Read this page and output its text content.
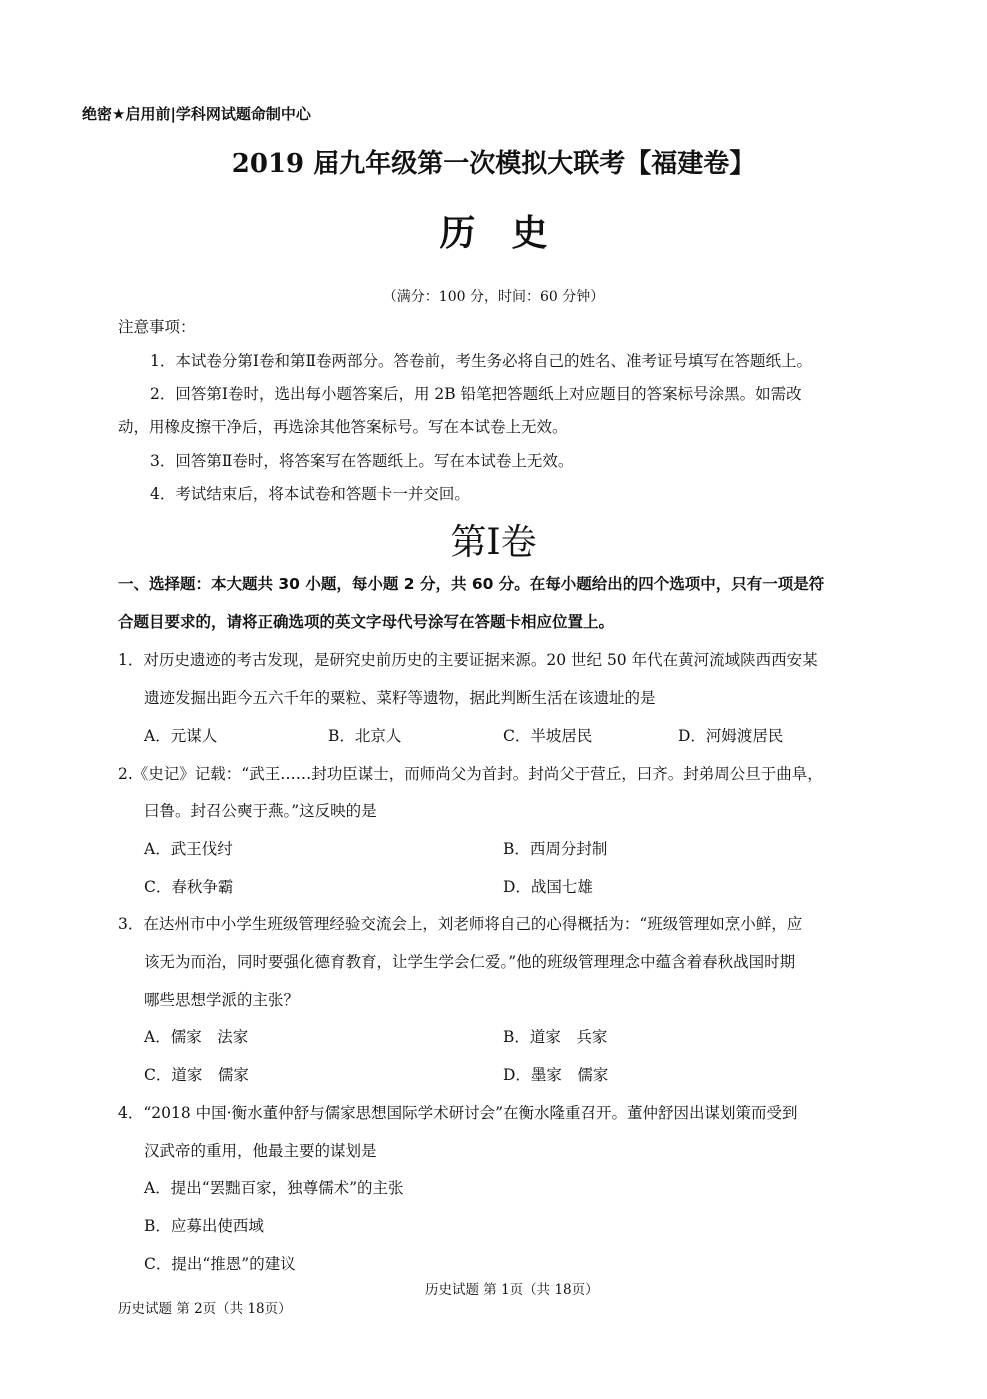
绝密★启用前|学科网试题命制中心
2019 届九年级第一次模拟大联考【福建卷】
历　史
（满分：100 分，时间：60 分钟）
注意事项：
1．本试卷分第Ⅰ卷和第Ⅱ卷两部分。答卷前，考生务必将自己的姓名、准考证号填写在答题纸上。
2．回答第Ⅰ卷时，选出每小题答案后，用 2B 铅笔把答题纸上对应题目的答案标号涂黑。如需改
动，用橡皮擦干净后，再选涂其他答案标号。写在本试卷上无效。
3．回答第Ⅱ卷时，将答案写在答题纸上。写在本试卷上无效。
4．考试结束后，将本试卷和答题卡一并交回。
第Ⅰ卷
一、选择题：本大题共 30 小题，每小题 2 分，共 60 分。在每小题给出的四个选项中，只有一项是符
合题目要求的，请将正确选项的英文字母代号涂写在答题卡相应位置上。
1．对历史遗迹的考古发现，是研究史前历史的主要证据来源。20 世纪 50 年代在黄河流域陕西西安某
遗迹发掘出距今五六千年的粟粒、菜籽等遗物，据此判断生活在该遗址的是
A．元谋人	B．北京人	C．半坡居民	D．河姆渡居民
2.《史记》记载：“武王……封功臣谋士，而师尚父为首封。封尚父于营丘，曰齐。封弟周公旦于曲阜，
曰鲁。封召公奭于燕。”这反映的是
A．武王伐纣	B．西周分封制
C．春秋争霸	D．战国七雄
3．在达州市中小学生班级管理经验交流会上，刘老师将自己的心得概括为：“班级管理如烹小鲜，应
该无为而治，同时要强化德育教育，让学生学会仁爱。”他的班级管理理念中蕴含着春秋战国时期
哪些思想学派的主张？
A．儒家　法家	B．道家　兵家
C．道家　儒家	D．墨家　儒家
4．“2018 中国·衡水董仲舒与儒家思想国际学术研讨会”在衡水隆重召开。董仲舒因出谋划策而受到
汉武帝的重用，他最主要的谋划是
A．提出“罢黜百家，独尊儒术”的主张
B．应募出使西域
C．提出“推恩”的建议
历史试题 第 1页（共 18页）
历史试题 第 2页（共 18页）
